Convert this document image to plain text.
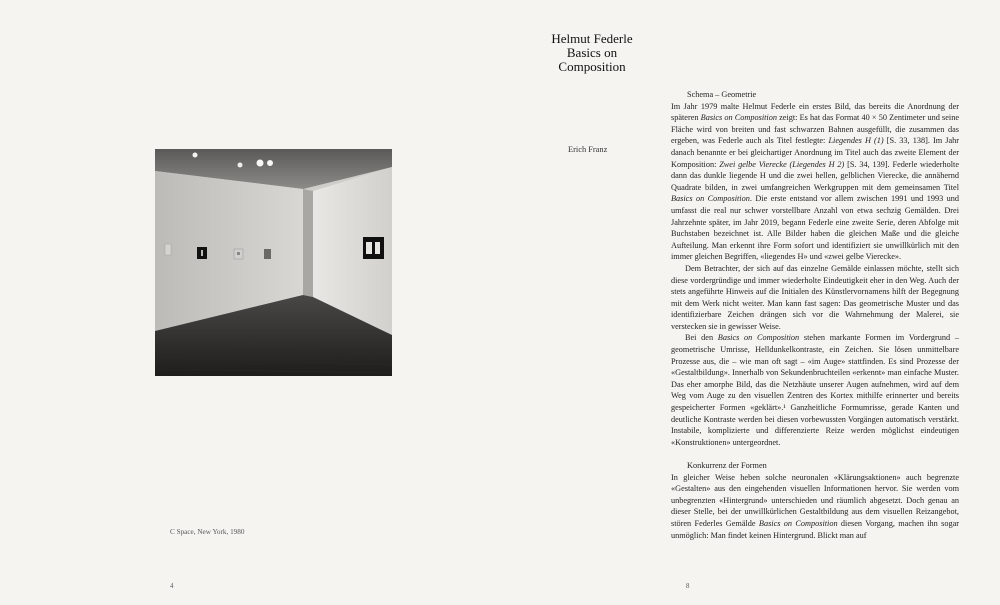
C Space, New York, 1980
4
Helmut Federle
Basics on
Composition
Erich Franz

Schema – Geometrie

Im Jahr 1979 malte Helmut Federle ein erstes Bild, das bereits die Anordnung der späteren Basics on Composition zeigt: Es hat das Format 40 × 50 Zentimeter und seine Fläche wird von breiten und fast schwarzen Bahnen ausgefüllt, die zusammen das ergeben, was Federle auch als Titel festlegte: Liegendes H (1) [S. 33, 138]. Im Jahr danach benannte er bei gleichartiger Anordnung im Titel auch das zweite Element der Komposition: Zwei gelbe Vierecke (Liegendes H 2) [S. 34, 139]. Federle wiederholte dann das dunkle liegende H und die zwei hellen, gelblichen Vierecke, die annähernd Quadrate bilden, in zwei umfangreichen Werkgruppen mit dem gemeinsamen Titel Basics on Composition. Die erste entstand vor allem zwischen 1991 und 1993 und umfasst die real nur schwer vorstellbare Anzahl von etwa sechzig Gemälden. Drei Jahrzehnte später, im Jahr 2019, begann Federle eine zweite Serie, deren Abfolge mit Buchstaben bezeichnet ist. Alle Bilder haben die gleichen Maße und die gleiche Aufteilung. Man erkennt ihre Form sofort und identifiziert sie unwillkürlich mit den immer gleichen Begriffen, «liegendes H» und «zwei gelbe Vierecke».

Dem Betrachter, der sich auf das einzelne Gemälde einlassen möchte, stellt sich diese vordergründige und immer wiederholte Eindeutigkeit eher in den Weg. Auch der stets angeführte Hinweis auf die Initialen des Künstlervornamens hilft der Begegnung mit dem Werk nicht weiter. Man kann fast sagen: Das geometrische Muster und das identifizierbare Zeichen drängen sich vor die Wahrnehmung der Malerei, sie verstecken sie in gewisser Weise.

Bei den Basics on Composition stehen markante Formen im Vordergrund – geometrische Umrisse, Helldunkelkontraste, ein Zeichen. Sie lösen unmittelbare Prozesse aus, die – wie man oft sagt – «im Auge» stattfinden. Es sind Prozesse der «Gestaltbildung». Innerhalb von Sekundenbruchteilen «erkennt» man einfache Muster. Das eher amorphe Bild, das die Netzhäute unserer Augen aufnehmen, wird auf dem Weg vom Auge zu den visuellen Zentren des Kortex mithilfe erinnerter und bereits gespeicherter Formen «geklärt».¹ Ganzheitliche Formumrisse, gerade Kanten und deutliche Kontraste werden bei diesen vorbewussten Vorgängen automatisch verstärkt. Instabile, komplizierte und differenzierte Reize werden möglichst eindeutigen «Konstruktionen» untergeordnet.

Konkurrenz der Formen

In gleicher Weise heben solche neuronalen «Klärungsaktionen» auch begrenzte «Gestalten» aus den eingehenden visuellen Informationen hervor. Sie werden vom unbegrenzten «Hintergrund» unterschieden und räumlich abgesetzt. Doch genau an dieser Stelle, bei der unwillkürlichen Gestaltbildung aus dem visuellen Reizangebot, stören Federles Gemälde Basics on Composition diesen Vorgang, machen ihn sogar unmöglich: Man findet keinen Hintergrund. Blickt man auf

8
